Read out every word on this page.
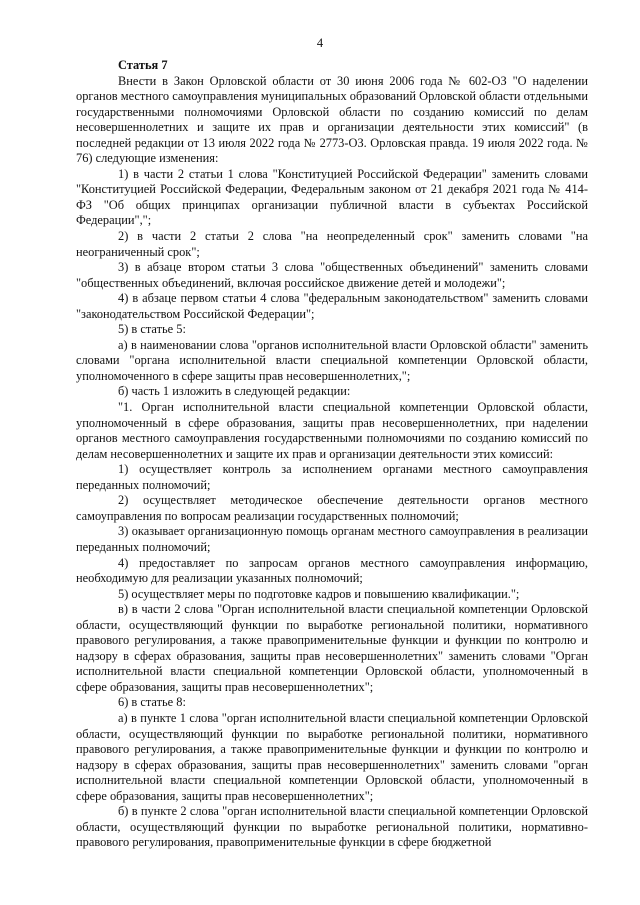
4
Статья 7

Внести в Закон Орловской области от 30 июня 2006 года № 602-ОЗ "О наделении органов местного самоуправления муниципальных образований Орловской области отдельными государственными полномочиями Орловской области по созданию комиссий по делам несовершеннолетних и защите их прав и организации деятельности этих комиссий" (в последней редакции от 13 июля 2022 года № 2773-ОЗ. Орловская правда. 19 июля 2022 года. № 76) следующие изменения:

1) в части 2 статьи 1 слова "Конституцией Российской Федерации" заменить словами "Конституцией Российской Федерации, Федеральным законом от 21 декабря 2021 года № 414-ФЗ "Об общих принципах организации публичной власти в субъектах Российской Федерации",";

2) в части 2 статьи 2 слова "на неопределенный срок" заменить словами "на неограниченный срок";

3) в абзаце втором статьи 3 слова "общественных объединений" заменить словами "общественных объединений, включая российское движение детей и молодежи";

4) в абзаце первом статьи 4 слова "федеральным законодательством" заменить словами "законодательством Российской Федерации";

5) в статье 5:

а) в наименовании слова "органов исполнительной власти Орловской области" заменить словами "органа исполнительной власти специальной компетенции Орловской области, уполномоченного в сфере защиты прав несовершеннолетних,";

б) часть 1 изложить в следующей редакции:

"1. Орган исполнительной власти специальной компетенции Орловской области, уполномоченный в сфере образования, защиты прав несовершеннолетних, при наделении органов местного самоуправления государственными полномочиями по созданию комиссий по делам несовершеннолетних и защите их прав и организации деятельности этих комиссий:

1) осуществляет контроль за исполнением органами местного самоуправления переданных полномочий;

2) осуществляет методическое обеспечение деятельности органов местного самоуправления по вопросам реализации государственных полномочий;

3) оказывает организационную помощь органам местного самоуправления в реализации переданных полномочий;

4) предоставляет по запросам органов местного самоуправления информацию, необходимую для реализации указанных полномочий;

5) осуществляет меры по подготовке кадров и повышению квалификации.";

в) в части 2 слова "Орган исполнительной власти специальной компетенции Орловской области, осуществляющий функции по выработке региональной политики, нормативного правового регулирования, а также правоприменительные функции и функции по контролю и надзору в сферах образования, защиты прав несовершеннолетних" заменить словами "Орган исполнительной власти специальной компетенции Орловской области, уполномоченный в сфере образования, защиты прав несовершеннолетних";

6) в статье 8:

а) в пункте 1 слова "орган исполнительной власти специальной компетенции Орловской области, осуществляющий функции по выработке региональной политики, нормативного правового регулирования, а также правоприменительные функции и функции по контролю и надзору в сферах образования, защиты прав несовершеннолетних" заменить словами "орган исполнительной власти специальной компетенции Орловской области, уполномоченный в сфере образования, защиты прав несовершеннолетних";

б) в пункте 2 слова "орган исполнительной власти специальной компетенции Орловской области, осуществляющий функции по выработке региональной политики, нормативно-правового регулирования, правоприменительные функции в сфере бюджетной
